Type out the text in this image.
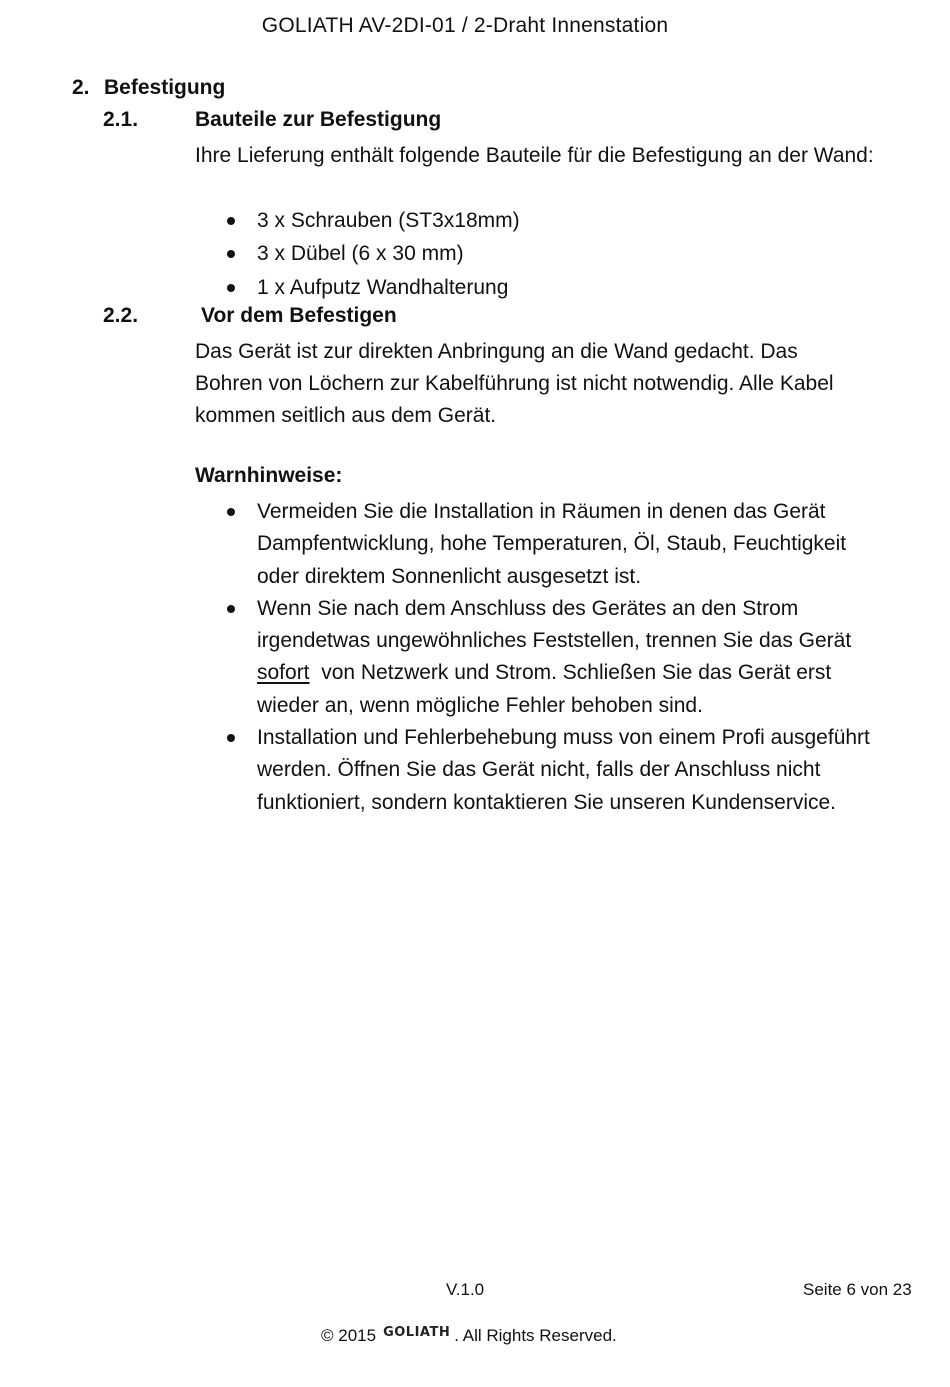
GOLIATH AV-2DI-01 / 2-Draht Innenstation
2. Befestigung
2.1.	Bauteile zur Befestigung
Ihre Lieferung enthält folgende Bauteile für die Befestigung an der Wand:
3 x Schrauben (ST3x18mm)
3 x Dübel (6 x 30 mm)
1 x Aufputz Wandhalterung
2.2.	Vor dem Befestigen
Das Gerät ist zur direkten Anbringung an die Wand gedacht. Das Bohren von Löchern zur Kabelführung ist nicht notwendig. Alle Kabel kommen seitlich aus dem Gerät.
Warnhinweise:
Vermeiden Sie die Installation in Räumen in denen das Gerät Dampfentwicklung, hohe Temperaturen, Öl, Staub, Feuchtigkeit oder direktem Sonnenlicht ausgesetzt ist.
Wenn Sie nach dem Anschluss des Gerätes an den Strom irgendetwas ungewöhnliches Feststellen, trennen Sie das Gerät sofort  von Netzwerk und Strom. Schließen Sie das Gerät erst wieder an, wenn mögliche Fehler behoben sind.
Installation und Fehlerbehebung muss von einem Profi ausgeführt werden. Öffnen Sie das Gerät nicht, falls der Anschluss nicht funktioniert, sondern kontaktieren Sie unseren Kundenservice.
V.1.0	Seite 6 von 23
© 2015 GOLIATH . All Rights Reserved.
